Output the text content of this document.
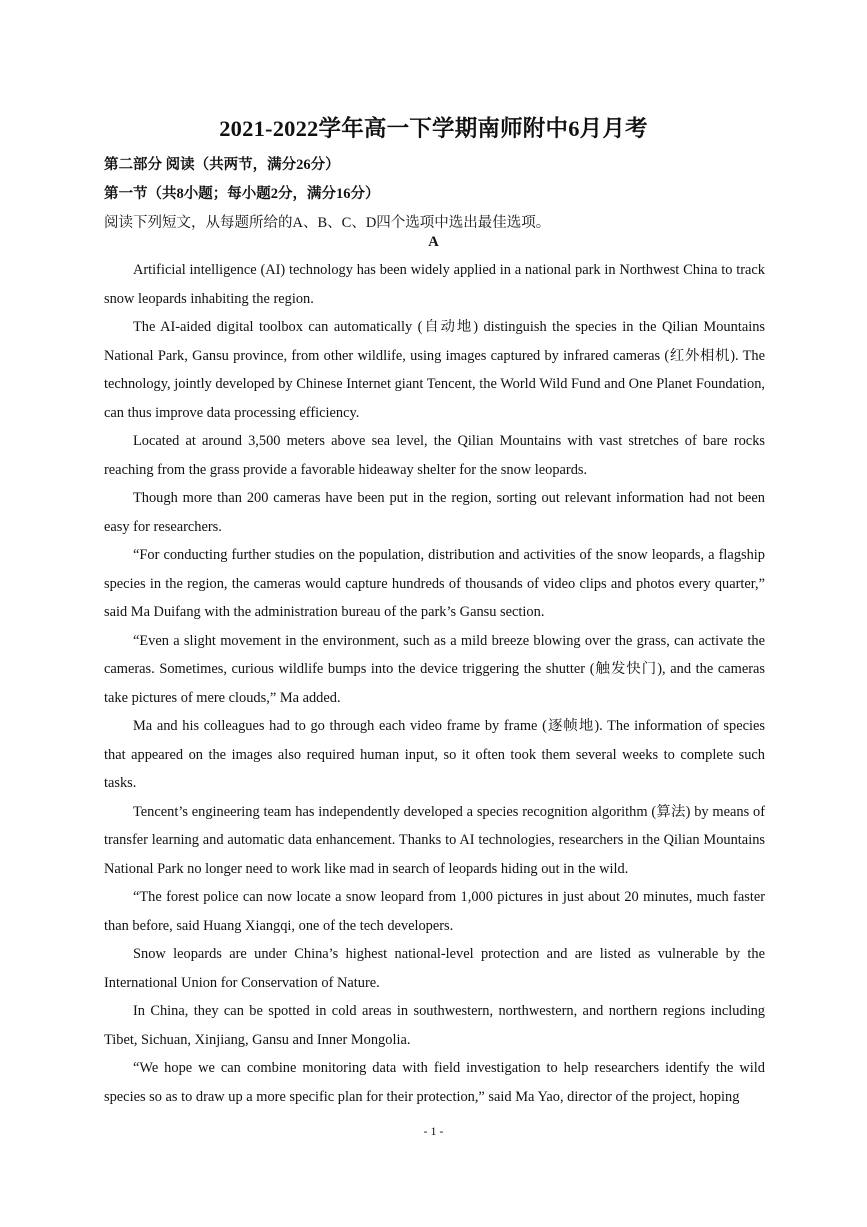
2021-2022学年高一下学期南师附中6月月考
第二部分 阅读（共两节，满分26分）
第一节（共8小题；每小题2分，满分16分）
阅读下列短文，从每题所给的A、B、C、D四个选项中选出最佳选项。
A

Artificial intelligence (AI) technology has been widely applied in a national park in Northwest China to track snow leopards inhabiting the region.

The AI-aided digital toolbox can automatically (自动地) distinguish the species in the Qilian Mountains National Park, Gansu province, from other wildlife, using images captured by infrared cameras (红外相机). The technology, jointly developed by Chinese Internet giant Tencent, the World Wild Fund and One Planet Foundation, can thus improve data processing efficiency.

Located at around 3,500 meters above sea level, the Qilian Mountains with vast stretches of bare rocks reaching from the grass provide a favorable hideaway shelter for the snow leopards.

Though more than 200 cameras have been put in the region, sorting out relevant information had not been easy for researchers.

“For conducting further studies on the population, distribution and activities of the snow leopards, a flagship species in the region, the cameras would capture hundreds of thousands of video clips and photos every quarter,” said Ma Duifang with the administration bureau of the park’s Gansu section.

“Even a slight movement in the environment, such as a mild breeze blowing over the grass, can activate the cameras. Sometimes, curious wildlife bumps into the device triggering the shutter (触发快门), and the cameras take pictures of mere clouds,” Ma added.

Ma and his colleagues had to go through each video frame by frame (逐帧地). The information of species that appeared on the images also required human input, so it often took them several weeks to complete such tasks.

Tencent’s engineering team has independently developed a species recognition algorithm (算法) by means of transfer learning and automatic data enhancement. Thanks to AI technologies, researchers in the Qilian Mountains National Park no longer need to work like mad in search of leopards hiding out in the wild.

“The forest police can now locate a snow leopard from 1,000 pictures in just about 20 minutes, much faster than before, said Huang Xiangqi, one of the tech developers.

Snow leopards are under China’s highest national-level protection and are listed as vulnerable by the International Union for Conservation of Nature.

In China, they can be spotted in cold areas in southwestern, northwestern, and northern regions including Tibet, Sichuan, Xinjiang, Gansu and Inner Mongolia.

“We hope we can combine monitoring data with field investigation to help researchers identify the wild species so as to draw up a more specific plan for their protection,” said Ma Yao, director of the project, hoping

- 1 -
